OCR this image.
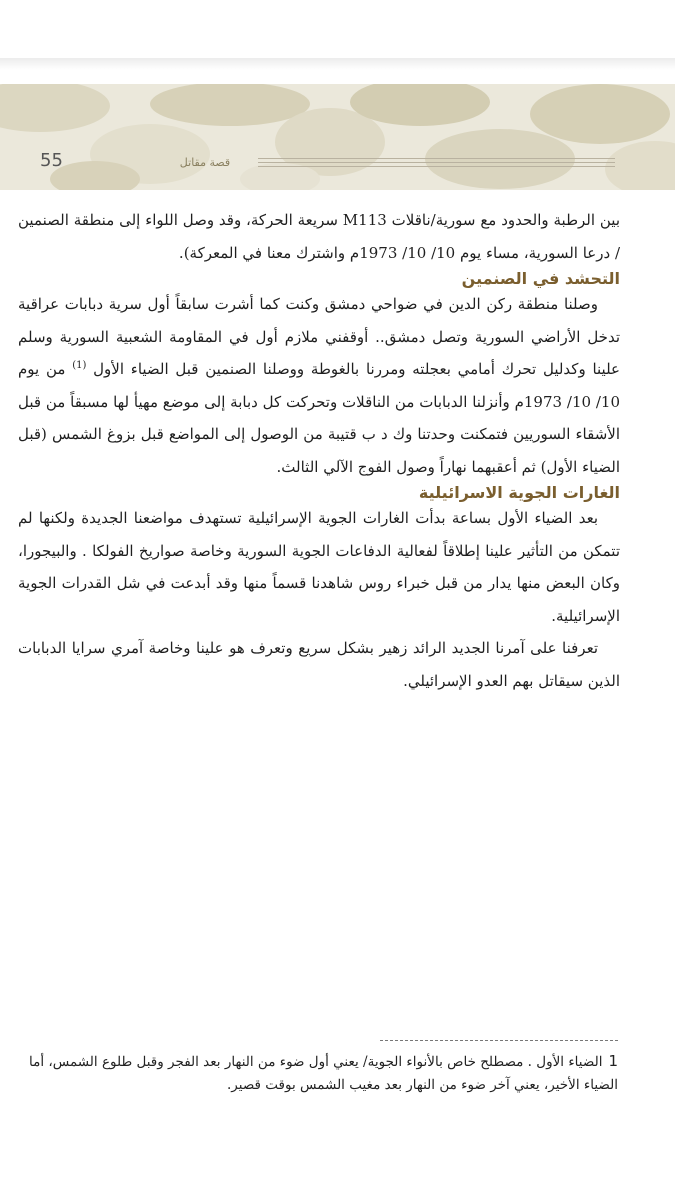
55	قصة مقاتل

بين الرطبة والحدود مع سورية/ناقلات M113 سريعة الحركة، وقد وصل اللواء إلى منطقة الصنمين / درعا السورية، مساء يوم 10/ 10/ 1973م واشترك معنا في المعركة).

التحشد في الصنمين

وصلنا منطقة ركن الدين في ضواحي دمشق وكنت كما أشرت سابقاً أول سرية دبابات عراقية تدخل الأراضي السورية وتصل دمشق.. أوقفني ملازم أول في المقاومة الشعبية السورية وسلم علينا وكدليل تحرك أمامي بعجلته ومررنا بالغوطة ووصلنا الصنمين قبل الضياء الأول $^{(1)}$ من يوم 10/ 10/ 1973م وأنزلنا الدبابات من الناقلات وتحركت كل دبابة إلى موضع مهيأ لها مسبقاً من قبل الأشقاء السوريين فتمكنت وحدتنا وك د ب قتيبة من الوصول إلى المواضع قبل بزوغ الشمس (قبل الضياء الأول) ثم أعقبهما نهاراً وصول الفوج الآلي الثالث.

الغارات الجوية الاسرائيلية

بعد الضياء الأول بساعة بدأت الغارات الجوية الإسرائيلية تستهدف مواضعنا الجديدة ولكنها لم تتمكن من التأثير علينا إطلاقاً لفعالية الدفاعات الجوية السورية وخاصة صواريخ الفولكا . والبيجورا، وكان البعض منها يدار من قبل خبراء روس شاهدنا قسماً منها وقد أبدعت في شل القدرات الجوية الإسرائيلية.

تعرفنا على آمرنا الجديد الرائد زهير بشكل سريع وتعرف هو علينا وخاصة آمري سرايا الدبابات الذين سيقاتل بهم العدو الإسرائيلي.

1الضياء الأول . مصطلح خاص بالأنواء الجوية/ يعني أول ضوء من النهار بعد الفجر وقبل طلوع الشمس، أما الضياء الأخير، يعني آخر ضوء من النهار بعد مغيب الشمس بوقت قصير.
